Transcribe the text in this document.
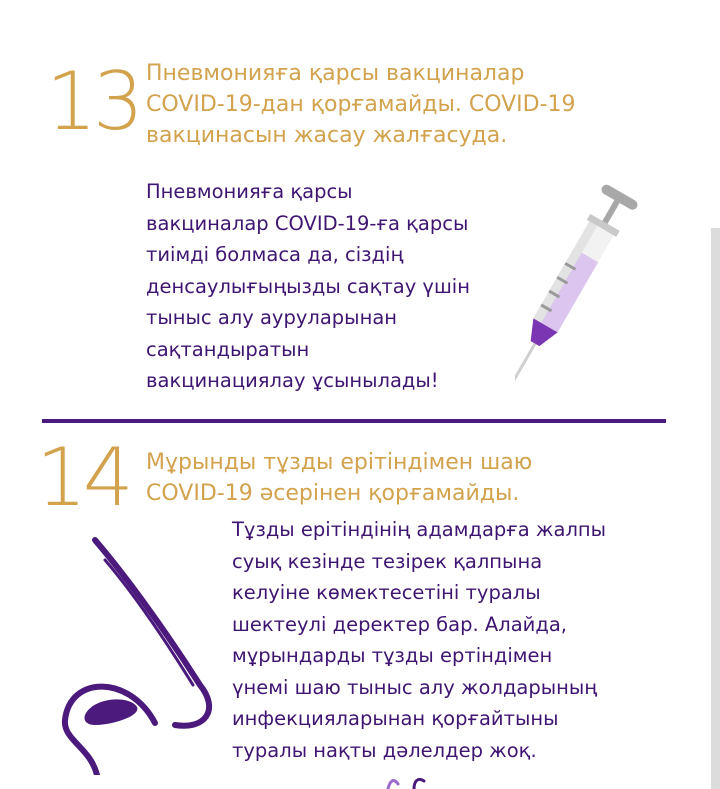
13 Пневмонияға қарсы вакциналар
COVID-19-дан қорғамайды. COVID-19
вакцинасын жасау жалғасуда.

Пневмонияға қарсы
вакциналар COVID-19-ға қарсы
тиімді болмаса да, сіздің
денсаулығыңызды сақтау үшін
тыныс алу ауруларынан
сақтандыратын
вакцинациялау ұсынылады!

14 Мұрынды тұзды ерітіндімен шаю
COVID-19 әсерінен қорғамайды.

Тұзды ерітіндінің адамдарға жалпы
суық кезінде тезірек қалпына
келуіне көмектесетіні туралы
шектеулі деректер бар. Алайда,
мұрындарды тұзды ертіндімен
үнемі шаю тыныс алу жолдарының
инфекцияларынан қорғайтыны
туралы нақты дәлелдер жоқ.
